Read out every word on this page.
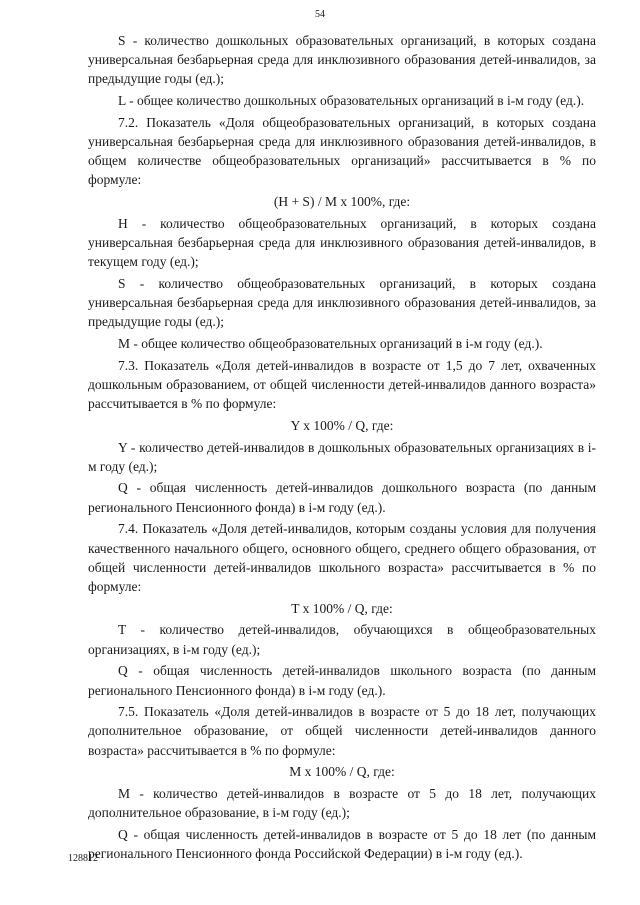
54

S - количество дошкольных образовательных организаций, в которых создана универсальная безбарьерная среда для инклюзивного образования детей-инвалидов, за предыдущие годы (ед.);

L - общее количество дошкольных образовательных организаций в i-м году (ед.).

7.2. Показатель «Доля общеобразовательных организаций, в которых создана универсальная безбарьерная среда для инклюзивного образования детей-инвалидов, в общем количестве общеобразовательных организаций» рассчитывается в % по формуле:

(H + S) / M x 100%, где:

H - количество общеобразовательных организаций, в которых создана универсальная безбарьерная среда для инклюзивного образования детей-инвалидов, в текущем году (ед.);

S - количество общеобразовательных организаций, в которых создана универсальная безбарьерная среда для инклюзивного образования детей-инвалидов, за предыдущие годы (ед.);

M - общее количество общеобразовательных организаций в i-м году (ед.).

7.3. Показатель «Доля детей-инвалидов в возрасте от 1,5 до 7 лет, охваченных дошкольным образованием, от общей численности детей-инвалидов данного возраста» рассчитывается в % по формуле:

Y x 100% / Q, где:

Y - количество детей-инвалидов в дошкольных образовательных организациях в i-м году (ед.);

Q - общая численность детей-инвалидов дошкольного возраста (по данным регионального Пенсионного фонда) в i-м году (ед.).

7.4. Показатель «Доля детей-инвалидов, которым созданы условия для получения качественного начального общего, основного общего, среднего общего образования, от общей численности детей-инвалидов школьного возраста» рассчитывается в % по формуле:

T x 100% / Q, где:

T - количество детей-инвалидов, обучающихся в общеобразовательных организациях, в i-м году (ед.);

Q - общая численность детей-инвалидов школьного возраста (по данным регионального Пенсионного фонда) в i-м году (ед.).

7.5. Показатель «Доля детей-инвалидов в возрасте от 5 до 18 лет, получающих дополнительное образование, от общей численности детей-инвалидов данного возраста» рассчитывается в % по формуле:

M x 100% / Q, где:

M - количество детей-инвалидов в возрасте от 5 до 18 лет, получающих дополнительное образование, в i-м году (ед.);

Q - общая численность детей-инвалидов в возрасте от 5 до 18 лет (по данным регионального Пенсионного фонда Российской Федерации) в i-м году (ед.).

128812
